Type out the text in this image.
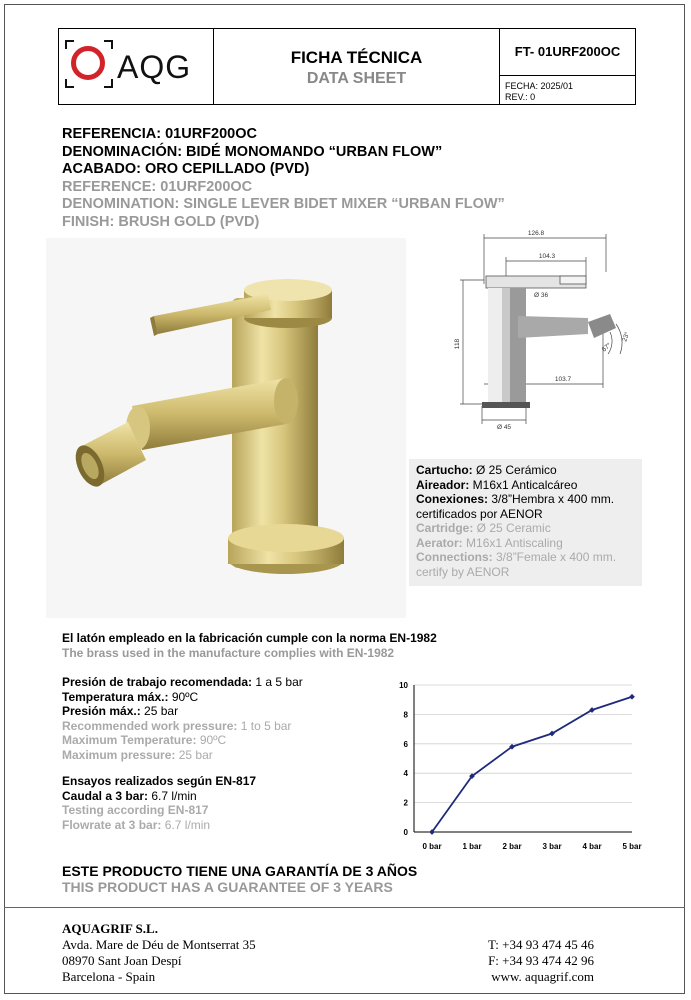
AQG	FICHA TÉCNICA
DATA SHEET
FT- 01URF200OC
FECHA: 2025/01
REV.: 0
REFERENCIA: 01URF200OC
DENOMINACIÓN: BIDÉ MONOMANDO “URBAN FLOW”
ACABADO: ORO CEPILLADO (PVD)
REFERENCE: 01URF200OC
DENOMINATION: SINGLE LEVER BIDET MIXER “URBAN FLOW”
FINISH: BRUSH GOLD (PVD)
126.8
104.3
Ø 36
118
103.7
Ø 45
23°
67°
Cartucho: Ø 25 Cerámico
Aireador: M16x1 Anticalcáreo
Conexiones: 3/8”Hembra x 400 mm.
certificados por AENOR
Cartridge: Ø 25 Ceramic
Aerator: M16x1 Antiscaling
Connections: 3/8”Female x 400 mm.
certify by AENOR
El latón empleado en la fabricación cumple con la norma EN-1982
The brass used in the manufacture complies with EN-1982
Presión de trabajo recomendada: 1 a 5 bar
Temperatura máx.: 90ºC
Presión máx.: 25 bar
Recommended work pressure: 1 to 5 bar
Maximum Temperature: 90ºC
Maximum pressure: 25 bar
Ensayos realizados según EN-817
Caudal a 3 bar: 6.7 l/min
Testing according EN-817
Flowrate at 3 bar: 6.7 l/min
0
2
4
6
8
10
0 bar	1 bar	2 bar	3 bar	4 bar	5 bar
ESTE PRODUCTO TIENE UNA GARANTÍA DE 3 AÑOS
THIS PRODUCT HAS A GUARANTEE OF 3 YEARS
AQUAGRIF S.L.
Avda. Mare de Déu de Montserrat 35
08970 Sant Joan Despí
Barcelona - Spain
T: +34 93 474 45 46
F: +34 93 474 42 96
www. aquagrif.com
